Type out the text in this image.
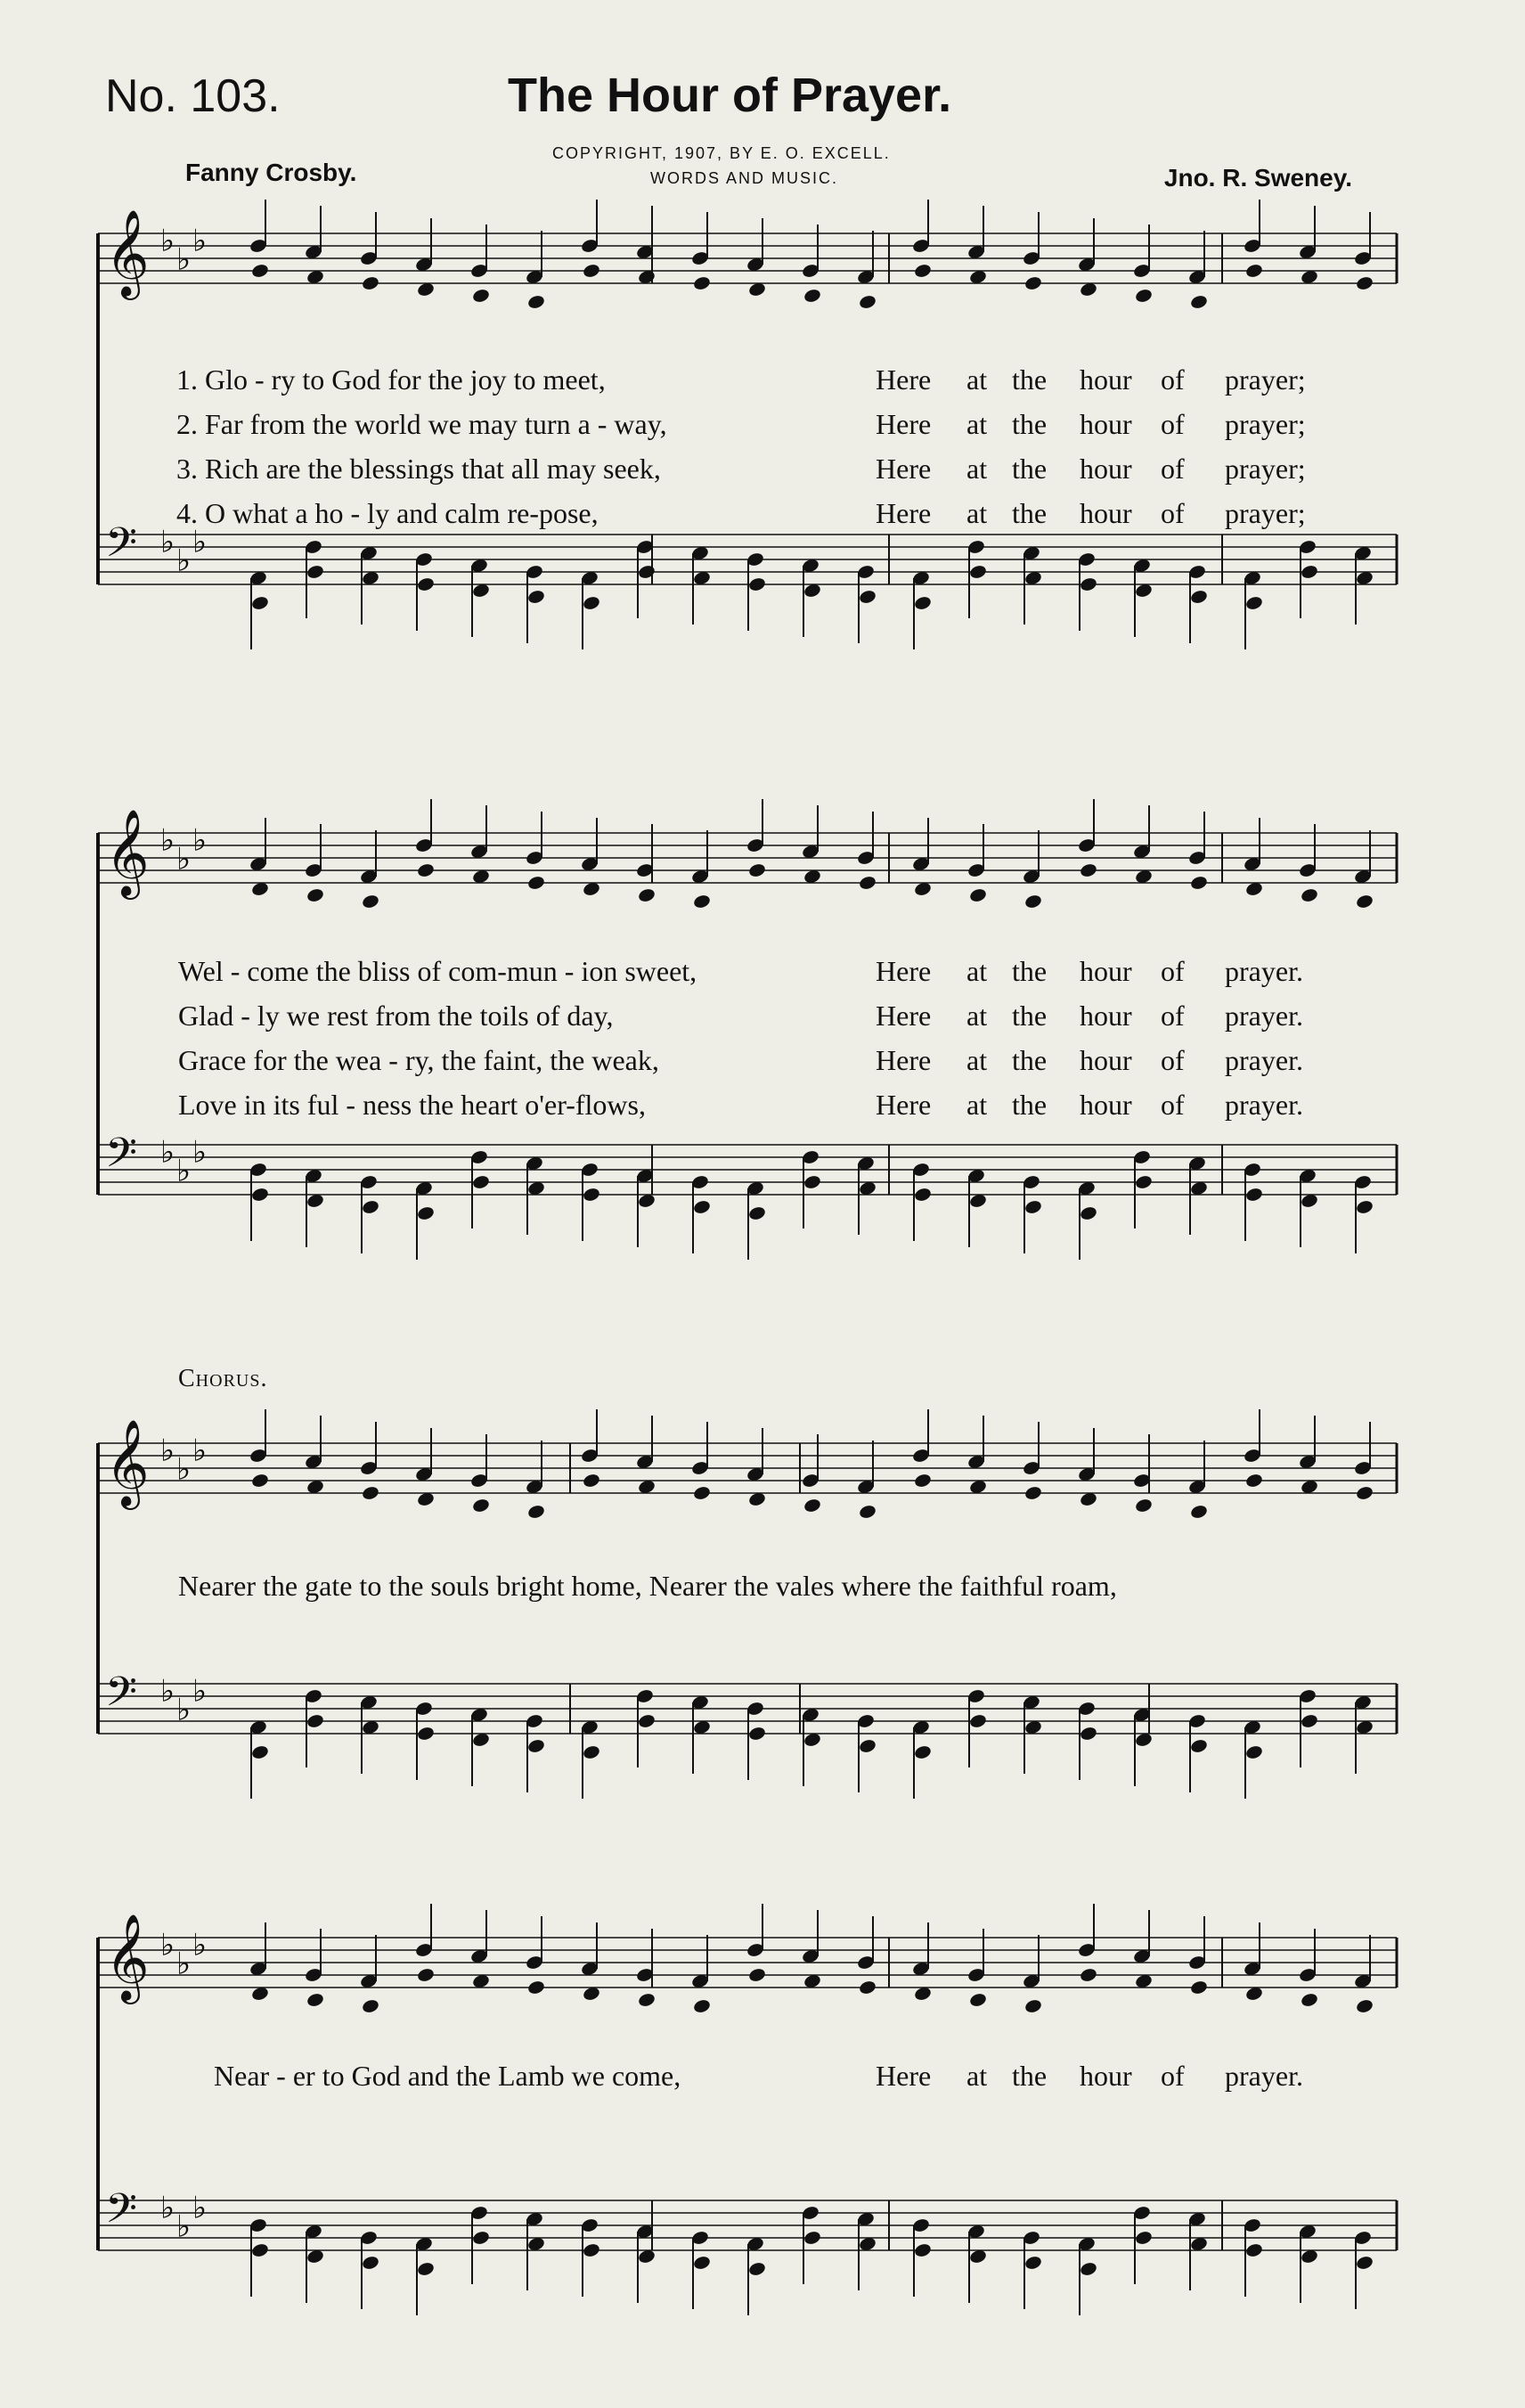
No. 103.	The Hour of Prayer.
COPYRIGHT, 1907, BY E. O. EXCELL.
WORDS AND MUSIC.
Fanny Crosby.	Jno. R. Sweney.
𝄞 ♭
♭
♭
𝄢 ♭
♭
♭
𝄞 ♭
♭
♭
𝄢 ♭
♭
♭
𝄞 ♭
♭
♭
𝄢 ♭
♭
♭
𝄞 ♭
♭
♭
𝄢 ♭
♭
♭
1. Glo - ry to God for the joy to meet,	Here at the hour of prayer;
2. Far from the world we may turn a - way,	Here at the hour of prayer;
3. Rich are the blessings that all may seek,	Here at the hour of prayer;
4. O what a ho - ly and calm re-pose,	Here at the hour of prayer;
Wel - come the bliss of com-mun - ion sweet,	Here at the hour of prayer.
Glad - ly we rest from the toils of day,	Here at the hour of prayer.
Grace for the wea - ry, the faint, the weak,	Here at the hour of prayer.
Love in its ful - ness the heart o'er-flows,	Here at the hour of prayer.
Chorus.
Nearer the gate to the souls bright home, Nearer the vales where the faithful roam,
Near - er to God and the Lamb we come,	Here at the hour of prayer.
